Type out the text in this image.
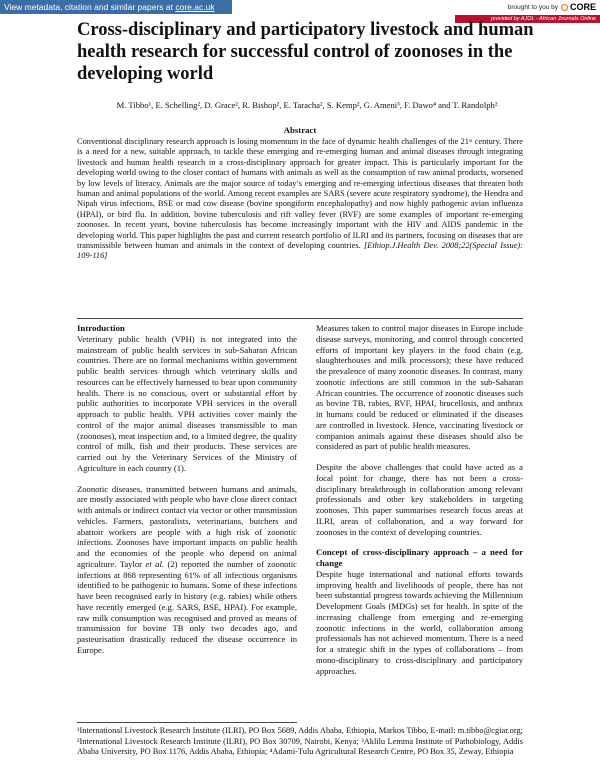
View metadata, citation and similar papers at core.ac.uk	brought to you by CORE
provided by AJOL - African Journals Online
Cross-disciplinary and participatory livestock and human health research for successful control of zoonoses in the developing world
M. Tibbo¹, E. Schelling², D. Grace², R. Bishop², E. Taracha², S. Kemp², G. Ameni³, F. Dawo⁴ and T. Randolph²
Abstract
Conventional disciplinary research approach is losing momentum in the face of dynamic health challenges of the 21ˢᵗ century. There is a need for a new, suitable approach, to tackle these emerging and re-emerging human and animal diseases through integrating livestock and human health research in a cross-disciplinary approach for greater impact. This is particularly important for the developing world owing to the closer contact of humans with animals as well as the consumption of raw animal products, worsened by low levels of literacy. Animals are the major source of today’s emerging and re-emerging infectious diseases that threaten both human and animal populations of the world. Among recent examples are SARS (severe acute respiratory syndrome), the Hendra and Nipah virus infections, BSE or mad cow disease (bovine spongiform encephalopathy) and now highly pathogenic avian influenza (HPAI), or bird flu. In addition, bovine tuberculosis and rift valley fever (RVF) are some examples of important re-emerging zoonoses. In recent years, bovine tuberculosis has become increasingly important with the HIV and AIDS pandemic in the developing world. This paper highlights the past and current research portfolio of ILRI and its partners, focusing on diseases that are transmissible between human and animals in the context of developing countries. [Ethiop.J.Health Dev. 2008;22(Special Issue): 109-116]

Introduction

Veterinary public health (VPH) is not integrated into the mainstream of public health services in sub-Saharan African countries. There are no formal mechanisms within government public health services through which veterinary skills and resources can be effectively harnessed to bear upon community health. There is no conscious, overt or substantial effort by public authorities to incorporate VPH services in the overall approach to public health. VPH activities cover mainly the control of the major animal diseases transmissible to man (zoonoses), meat inspection and, to a limited degree, the quality control of milk, fish and their products. These services are carried out by the Veterinary Services of the Ministry of Agriculture in each country (1).

Zoonotic diseases, transmitted between humans and animals, are mostly associated with people who have close direct contact with animals or indirect contact via vector or other transmission vehicles. Farmers, pastoralists, veterinarians, butchers and abattoir workers are people with a high risk of zoonotic infections. Zoonoses have important impacts on public health and the economies of the people who depend on animal agriculture. Taylor et al. (2) reported the number of zoonotic infections at 868 representing 61% of all infectious organisms identified to be pathogenic to humans. Some of these infections have been recognised early in history (e.g. rabies) while others have recently emerged (e.g. SARS, BSE, HPAI). For example, raw milk consumption was recognised and proved as means of transmission for bovine TB only two decades ago, and pasteurisation drastically reduced the disease occurrence in Europe.

Measures taken to control major diseases in Europe include disease surveys, monitoring, and control through concerted efforts of important key players in the food chain (e.g. slaughterhouses and milk processors); these have reduced the prevalence of many zoonotic diseases. In contrast, many zoonotic infections are still common in the sub-Saharan African countries. The occurrence of zoonotic diseases such as bovine TB, rabies, RVF, HPAI, brucellosis, and anthrax in humans could be reduced or eliminated if the diseases are controlled in livestock. Hence, vaccinating livestock or companion animals against these diseases should also be considered as part of public health measures.

Despite the above challenges that could have acted as a focal point for change, there has not been a cross-disciplinary breakthrough in collaboration among relevant professionals and other key stakeholders in targeting zoonoses. This paper summarises research focus areas at ILRI, areas of collaboration, and a way forward for zoonoses in the context of developing countries.

Concept of cross-disciplinary approach – a need for change

Despite huge international and national efforts towards improving health and livelihoods of people, there has not been substantial progress towards achieving the Millennium Development Goals (MDGs) set for health. In spite of the increasing challenge from emerging and re-emerging zoonotic infections in the world, collaboration among professionals has not achieved momentum. There is a need for a strategic shift in the types of collaborations – from mono-disciplinary to cross-disciplinary and participatory approaches.

¹International Livestock Research Institute (ILRI), PO Box 5689, Addis Ababa, Ethiopia, Markos Tibbo, E-mail: m.tibbo@cgiar.org; ²International Livestock Research Institute (ILRI), PO Box 30709, Nairobi, Kenya; ³Aklilu Lemma Institute of Pathobiology, Addis Ababa University, PO Box 1176, Addis Ababa, Ethiopia; ⁴Adami-Tulu Agricultural Research Centre, PO Box 35, Zeway, Ethiopia
